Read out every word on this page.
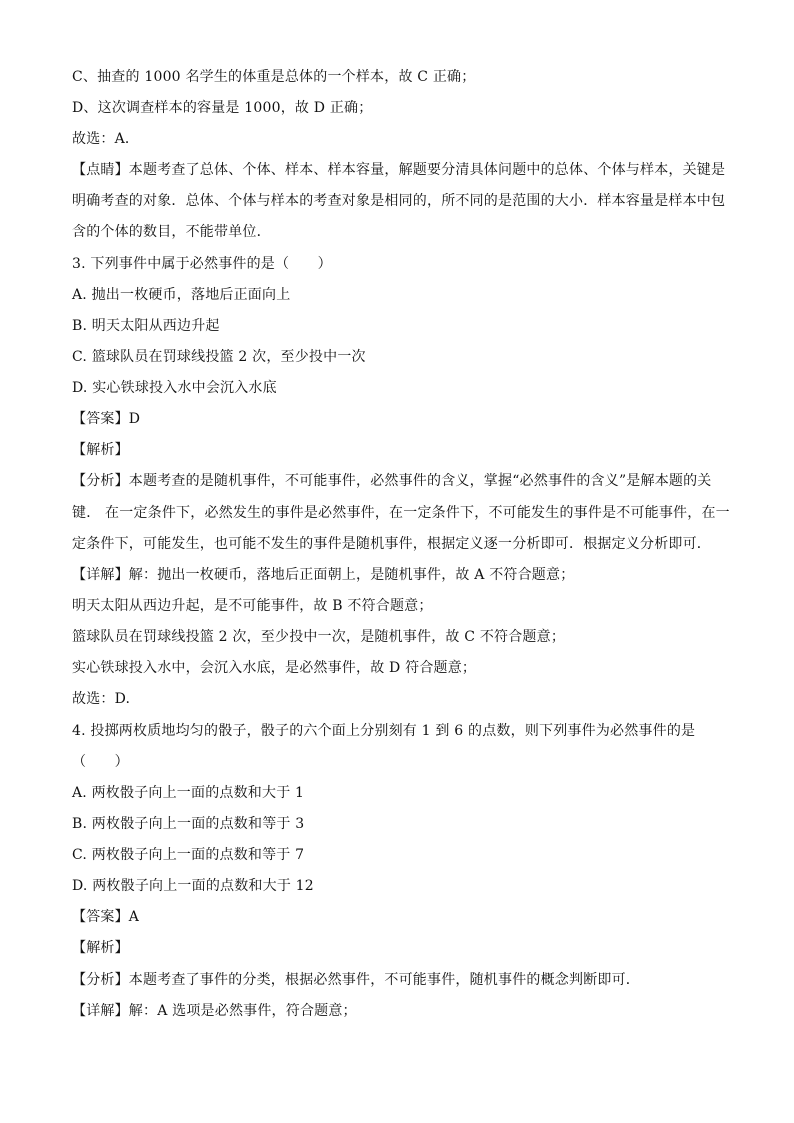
C、抽查的 1000 名学生的体重是总体的一个样本，故 C 正确；
D、这次调查样本的容量是 1000，故 D 正确；
故选：A．
【点睛】本题考查了总体、个体、样本、样本容量，解题要分清具体问题中的总体、个体与样本，关键是
明确考查的对象．总体、个体与样本的考查对象是相同的，所不同的是范围的大小．样本容量是样本中包
含的个体的数目，不能带单位．
3. 下列事件中属于必然事件的是（　　）
A. 抛出一枚硬币，落地后正面向上
B. 明天太阳从西边升起
C. 篮球队员在罚球线投篮 2 次，至少投中一次
D. 实心铁球投入水中会沉入水底
【答案】D
【解析】
【分析】本题考查的是随机事件，不可能事件，必然事件的含义，掌握“必然事件的含义”是解本题的关
键． 在一定条件下，必然发生的事件是必然事件，在一定条件下，不可能发生的事件是不可能事件，在一
定条件下，可能发生，也可能不发生的事件是随机事件，根据定义逐一分析即可．根据定义分析即可．
【详解】解：抛出一枚硬币，落地后正面朝上，是随机事件，故 A 不符合题意；
明天太阳从西边升起，是不可能事件，故 B 不符合题意；
篮球队员在罚球线投篮 2 次，至少投中一次，是随机事件，故 C 不符合题意；
实心铁球投入水中，会沉入水底，是必然事件，故 D 符合题意；
故选：D.
4. 投掷两枚质地均匀的骰子，骰子的六个面上分别刻有 1 到 6 的点数，则下列事件为必然事件的是
（　　）
A. 两枚骰子向上一面的点数和大于 1
B. 两枚骰子向上一面的点数和等于 3
C. 两枚骰子向上一面的点数和等于 7
D. 两枚骰子向上一面的点数和大于 12
【答案】A
【解析】
【分析】本题考查了事件的分类，根据必然事件，不可能事件，随机事件的概念判断即可．
【详解】解：A 选项是必然事件，符合题意；
